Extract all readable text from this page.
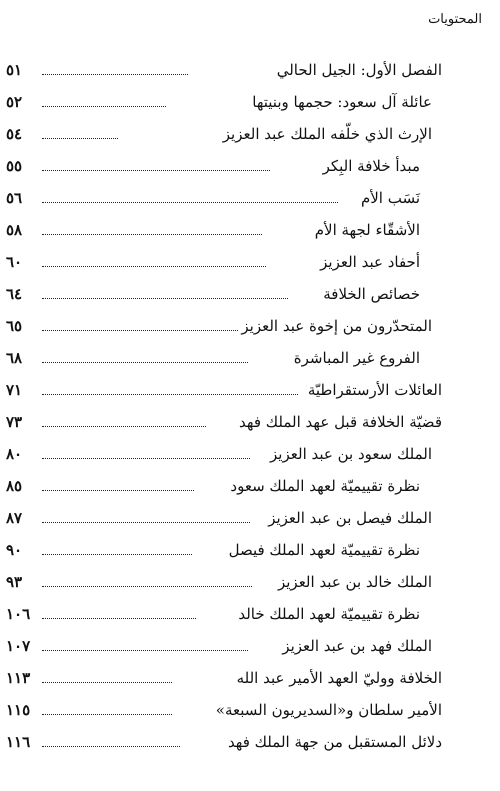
المحتويات
الفصل الأول: الجيل الحالي
٥١
عائلة آل سعود: حجمها وبنيتها
٥٢
الإرث الذي خلّفه الملك عبد العزيز
٥٤
مبدأ خلافة البِكر
٥٥
نَسَب الأم
٥٦
الأشقّاء لجهة الأم
٥٨
أحفاد عبد العزيز
٦٠
خصائص الخلافة
٦٤
المتحدّرون من إخوة عبد العزيز
٦٥
الفروع غير المباشرة
٦٨
العائلات الأرستقراطيّة
٧١
قضيّة الخلافة قبل عهد الملك فهد
٧٣
الملك سعود بن عبد العزيز
٨٠
نظرة تقييميّة لعهد الملك سعود
٨٥
الملك فيصل بن عبد العزيز
٨٧
نظرة تقييميّة لعهد الملك فيصل
٩٠
الملك خالد بن عبد العزيز
٩٣
نظرة تقييميّة لعهد الملك خالد
١٠٦
الملك فهد بن عبد العزيز
١٠٧
الخلافة ووليّ العهد الأمير عبد الله
١١٣
الأمير سلطان و«السديريون السبعة»
١١٥
دلائل المستقبل من جهة الملك فهد
١١٦
